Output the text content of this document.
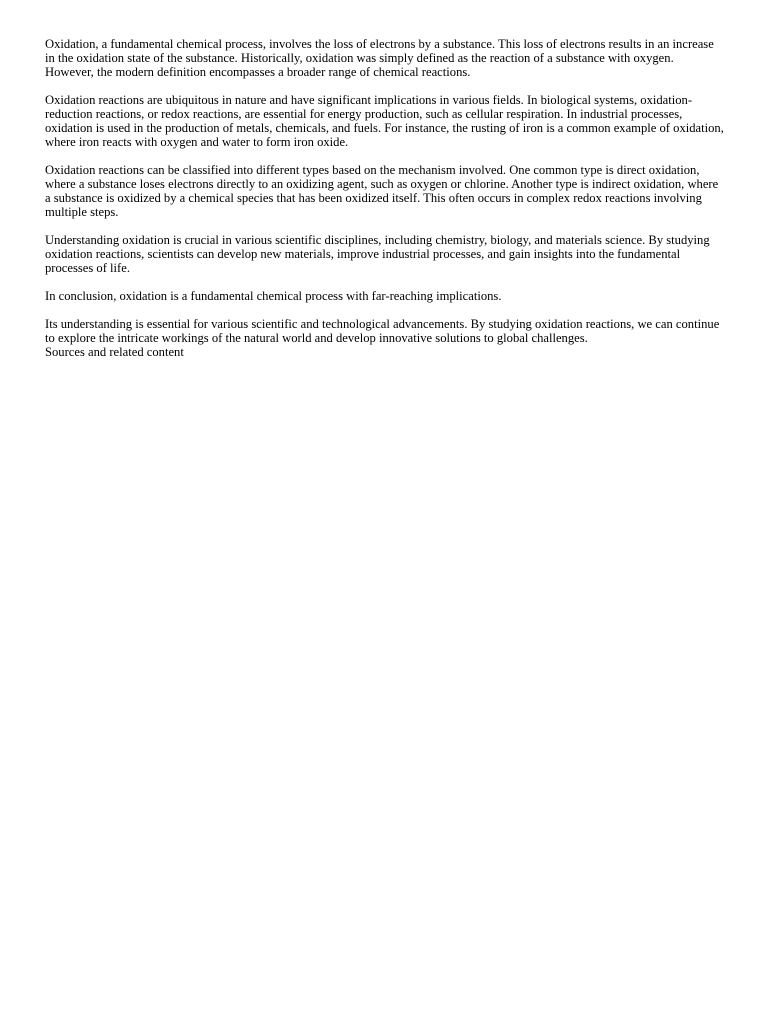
Oxidation, a fundamental chemical process, involves the loss of electrons by a substance. This loss of electrons results in an increase in the oxidation state of the substance. Historically, oxidation was simply defined as the reaction of a substance with oxygen. However, the modern definition encompasses a broader range of chemical reactions.

Oxidation reactions are ubiquitous in nature and have significant implications in various fields. In biological systems, oxidation-reduction reactions, or redox reactions, are essential for energy production, such as cellular respiration. In industrial processes, oxidation is used in the production of metals, chemicals, and fuels. For instance, the rusting of iron is a common example of oxidation, where iron reacts with oxygen and water to form iron oxide.

Oxidation reactions can be classified into different types based on the mechanism involved. One common type is direct oxidation, where a substance loses electrons directly to an oxidizing agent, such as oxygen or chlorine. Another type is indirect oxidation, where a substance is oxidized by a chemical species that has been oxidized itself. This often occurs in complex redox reactions involving multiple steps.

Understanding oxidation is crucial in various scientific disciplines, including chemistry, biology, and materials science. By studying oxidation reactions, scientists can develop new materials, improve industrial processes, and gain insights into the fundamental processes of life.

In conclusion, oxidation is a fundamental chemical process with far-reaching implications.

Its understanding is essential for various scientific and technological advancements. By studying oxidation reactions, we can continue to explore the intricate workings of the natural world and develop innovative solutions to global challenges.

Sources and related content
